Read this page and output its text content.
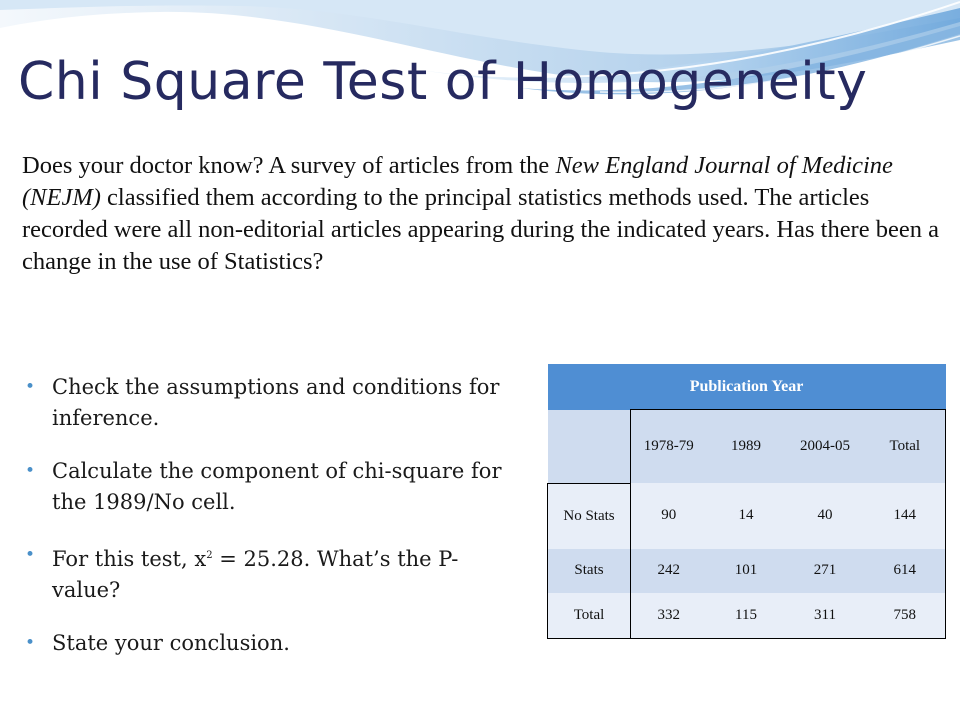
Chi Square Test of Homogeneity

Does your doctor know? A survey of articles from the New England Journal of Medicine (NEJM) classified them according to the principal statistics methods used. The articles recorded were all non-editorial articles appearing during the indicated years. Has there been a change in the use of Statistics?

• Check the assumptions and conditions for inference.
• Calculate the component of chi-square for the 1989/No cell.
• For this test, $x^2 = 25.28$. What’s the P-value?
• State your conclusion.
Publication Year				
	1978-79	1989	2004-05	Total
No Stats	90	14	40	144
Stats	242	101	271	614
Total	332	115	311	758
